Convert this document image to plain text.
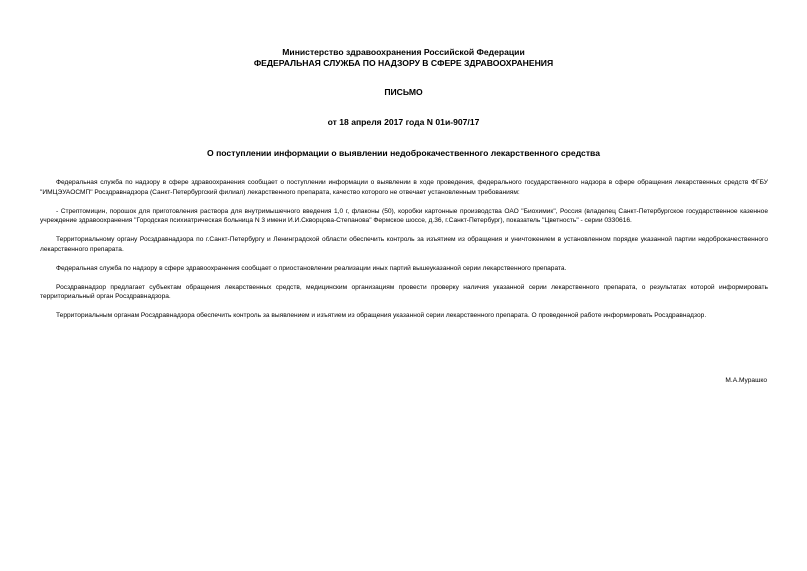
Министерство здравоохранения Российской Федерации
ФЕДЕРАЛЬНАЯ СЛУЖБА ПО НАДЗОРУ В СФЕРЕ ЗДРАВООХРАНЕНИЯ
ПИСЬМО
от 18 апреля 2017 года N 01и-907/17
О поступлении информации о выявлении недоброкачественного лекарственного средства

Федеральная служба по надзору в сфере здравоохранения сообщает о поступлении информации о выявлении в ходе проведения, федерального государственного надзора в сфере обращения лекарственных средств ФГБУ "ИМЦЭУАОСМП" Росздравнадзора (Санкт-Петербургский филиал) лекарственного препарата, качество которого не отвечает установленным требованиям:

- Стрептомицин, порошок для приготовления раствора для внутримышечного введения 1,0 г, флаконы (50), коробки картонные производства ОАО "Биохимик", Россия (владелец Санкт-Петербургское государственное казенное учреждение здравоохранения "Городская психиатрическая больница N 3 имени И.И.Скворцова-Степанова" Фермское шоссе, д.36, г.Санкт-Петербург), показатель "Цветность" - серии 0330616.

Территориальному органу Росздравнадзора по г.Санкт-Петербургу и Ленинградской области обеспечить контроль за изъятием из обращения и уничтожением в установленном порядке указанной партии недоброкачественного лекарственного препарата.

Федеральная служба по надзору в сфере здравоохранения сообщает о приостановлении реализации иных партий вышеуказанной серии лекарственного препарата.

Росздравнадзор предлагает субъектам обращения лекарственных средств, медицинским организациям провести проверку наличия указанной серии лекарственного препарата, о результатах которой информировать территориальный орган Росздравнадзора.

Территориальным органам Росздравнадзора обеспечить контроль за выявлением и изъятием из обращения указанной серии лекарственного препарата. О проведенной работе информировать Росздравнадзор.

М.А.Мурашко
